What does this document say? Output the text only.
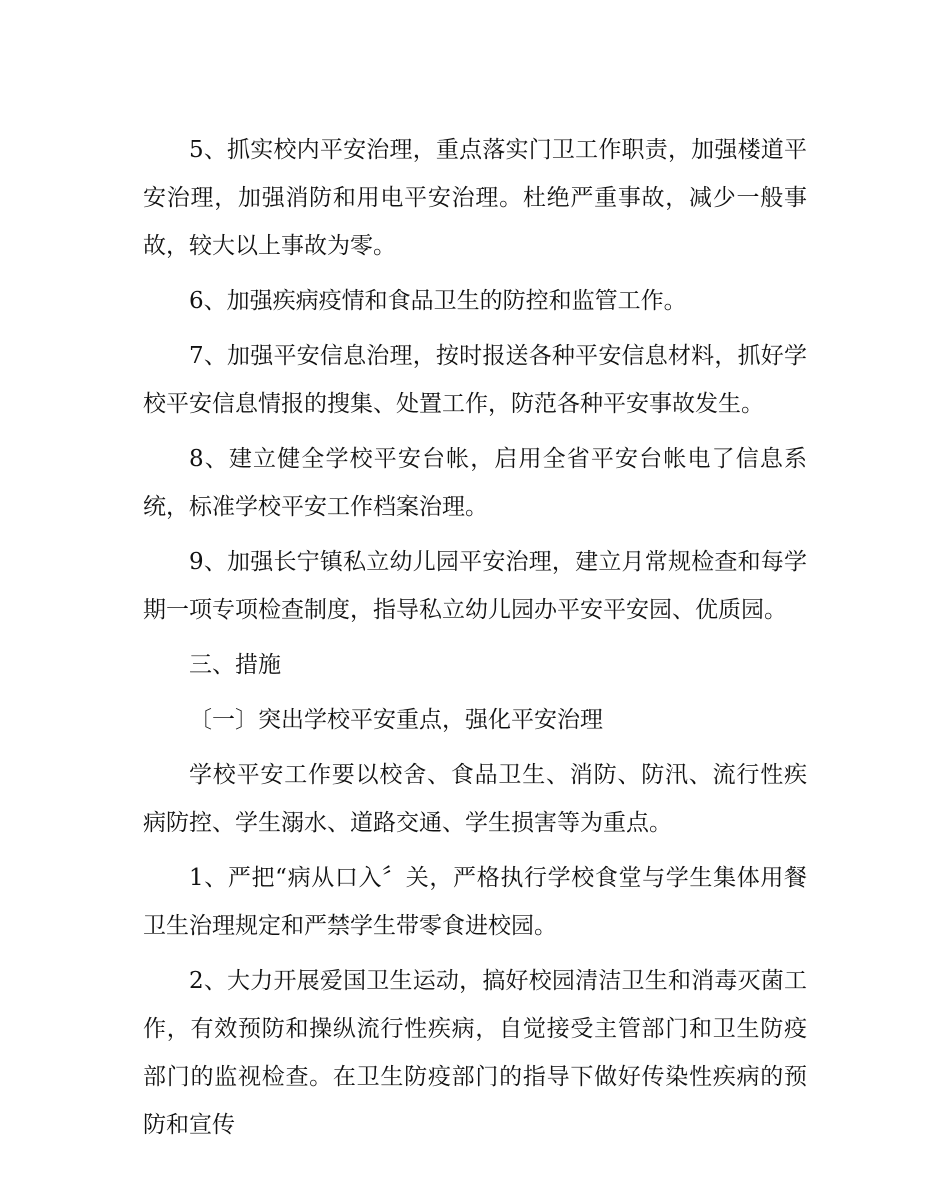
5、抓实校内平安治理，重点落实门卫工作职责，加强楼道平安治理，加强消防和用电平安治理。杜绝严重事故，减少一般事故，较大以上事故为零。

6、加强疾病疫情和食品卫生的防控和监管工作。

7、加强平安信息治理，按时报送各种平安信息材料，抓好学校平安信息情报的搜集、处置工作，防范各种平安事故发生。

8、建立健全学校平安台帐，启用全省平安台帐电了信息系统，标准学校平安工作档案治理。

9、加强长宁镇私立幼儿园平安治理，建立月常规检查和每学期一项专项检查制度，指导私立幼儿园办平安平安园、优质园。

三、措施

〔一〕突出学校平安重点，强化平安治理

学校平安工作要以校舍、食品卫生、消防、防汛、流行性疾病防控、学生溺水、道路交通、学生损害等为重点。

1、严把“病从口入〞关，严格执行学校食堂与学生集体用餐卫生治理规定和严禁学生带零食进校园。

2、大力开展爱国卫生运动，搞好校园清洁卫生和消毒灭菌工作，有效预防和操纵流行性疾病，自觉接受主管部门和卫生防疫部门的监视检查。在卫生防疫部门的指导下做好传染性疾病的预防和宣传
